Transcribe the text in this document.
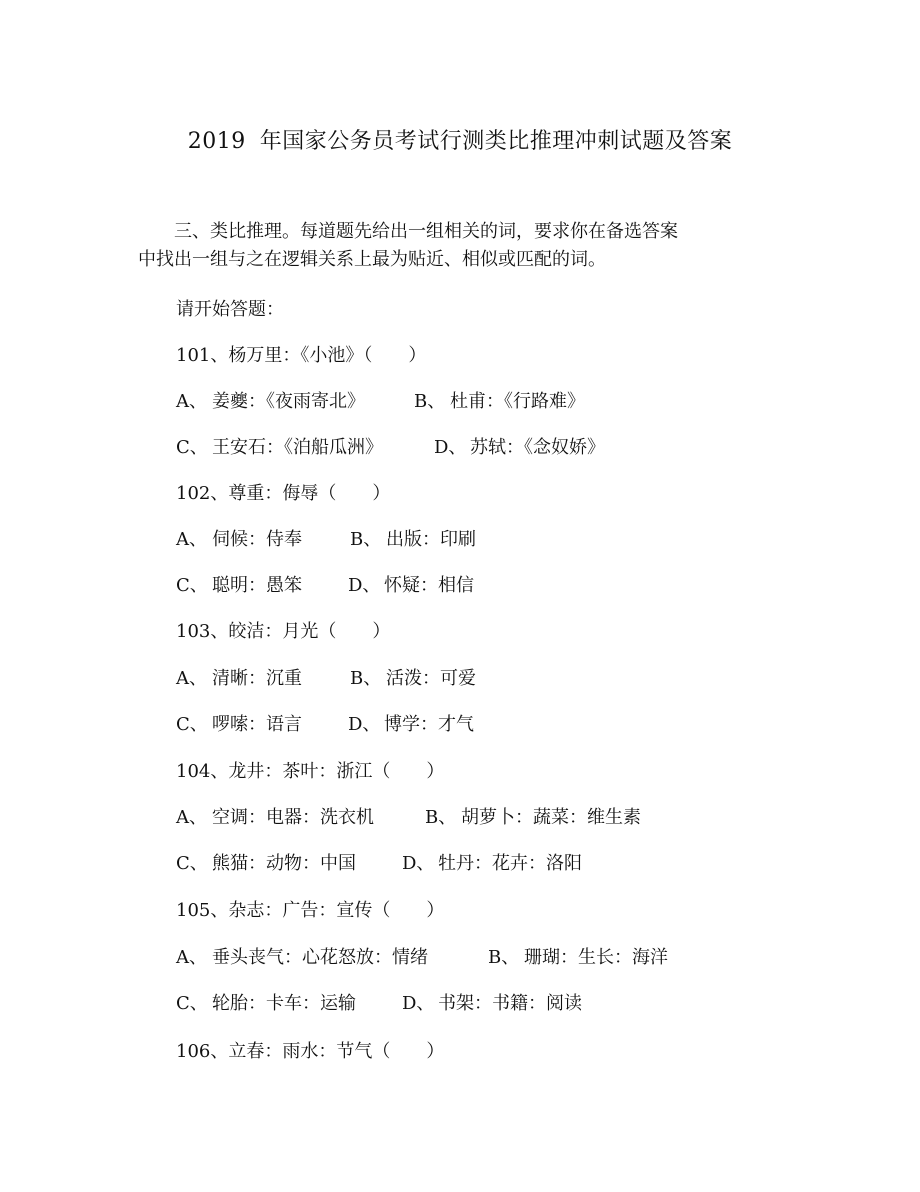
2019 年国家公务员考试行测类比推理冲刺试题及答案
三、类比推理。每道题先给出一组相关的词，要求你在备选答案
中找出一组与之在逻辑关系上最为贴近、相似或匹配的词。
请开始答题：
101、杨万里：《小池》（　　）
A、 姜夔：《夜雨寄北》	B、 杜甫：《行路难》
C、 王安石：《泊船瓜洲》	D、 苏轼：《念奴娇》
102、尊重：侮辱（　　）
A、 伺候：侍奉	B、 出版：印刷
C、 聪明：愚笨	D、 怀疑：相信
103、皎洁：月光（　　）
A、 清晰：沉重	B、 活泼：可爱
C、 啰嗦：语言	D、 博学：才气
104、龙井：茶叶：浙江（　　）
A、 空调：电器：洗衣机	B、 胡萝卜：蔬菜：维生素
C、 熊猫：动物：中国	D、 牡丹：花卉：洛阳
105、杂志：广告：宣传（　　）
A、 垂头丧气：心花怒放：情绪	B、 珊瑚：生长：海洋
C、 轮胎：卡车：运输	D、 书架：书籍：阅读
106、立春：雨水：节气（　　）
